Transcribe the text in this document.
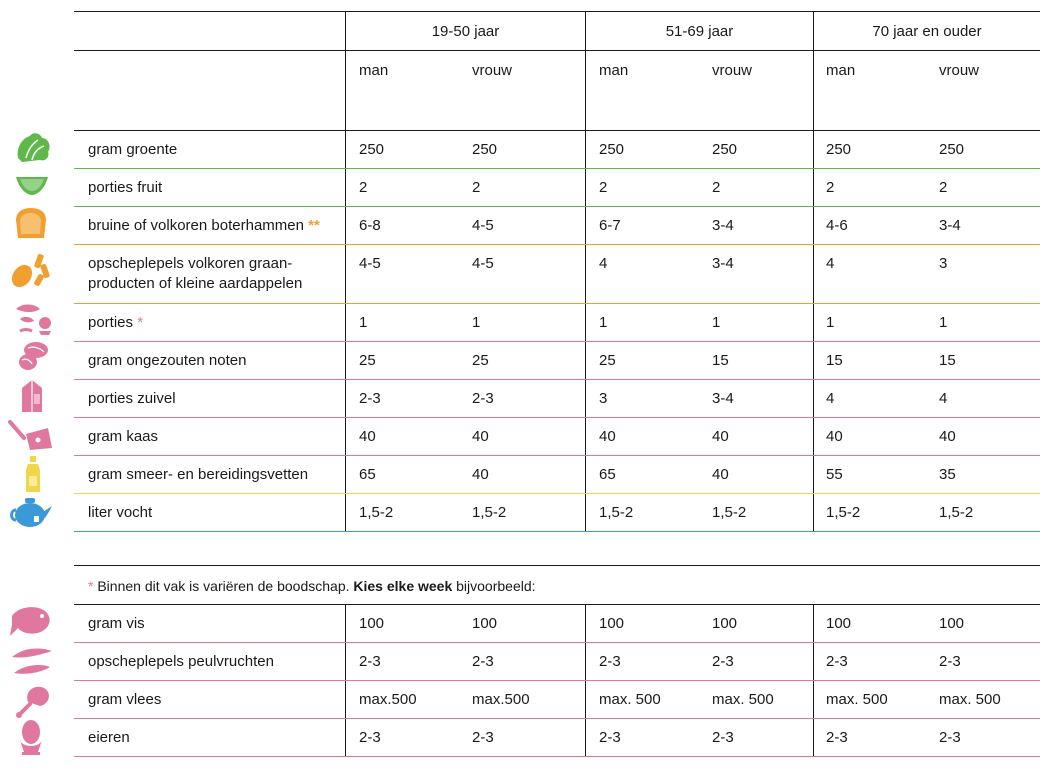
19-50 jaar	51-69 jaar	70 jaar en ouder
man	vrouw	man	vrouw	man	vrouw
gram groente	250	250	250	250	250	250
porties fruit	2	2	2	2	2	2
bruine of volkoren boterhammen **	6-8	4-5	6-7	3-4	4-6	3-4
opscheplepels volkoren graan-
producten of kleine aardappelen
4-5	4-5	4	3-4	4	3
porties *	1	1	1	1	1	1
gram ongezouten noten	25	25	25	15	15	15
porties zuivel	2-3	2-3	3	3-4	4	4
gram kaas	40	40	40	40	40	40
gram smeer- en bereidingsvetten	65	40	65	40	55	35
liter vocht	1,5-2	1,5-2	1,5-2	1,5-2	1,5-2	1,5-2
* Binnen dit vak is variëren de boodschap. Kies elke week bijvoorbeeld:
gram vis	100	100	100	100	100	100
opscheplepels peulvruchten	2-3	2-3	2-3	2-3	2-3	2-3
gram vlees	max.500	max.500	max. 500	max. 500	max. 500	max. 500
eieren	2-3	2-3	2-3	2-3	2-3	2-3
